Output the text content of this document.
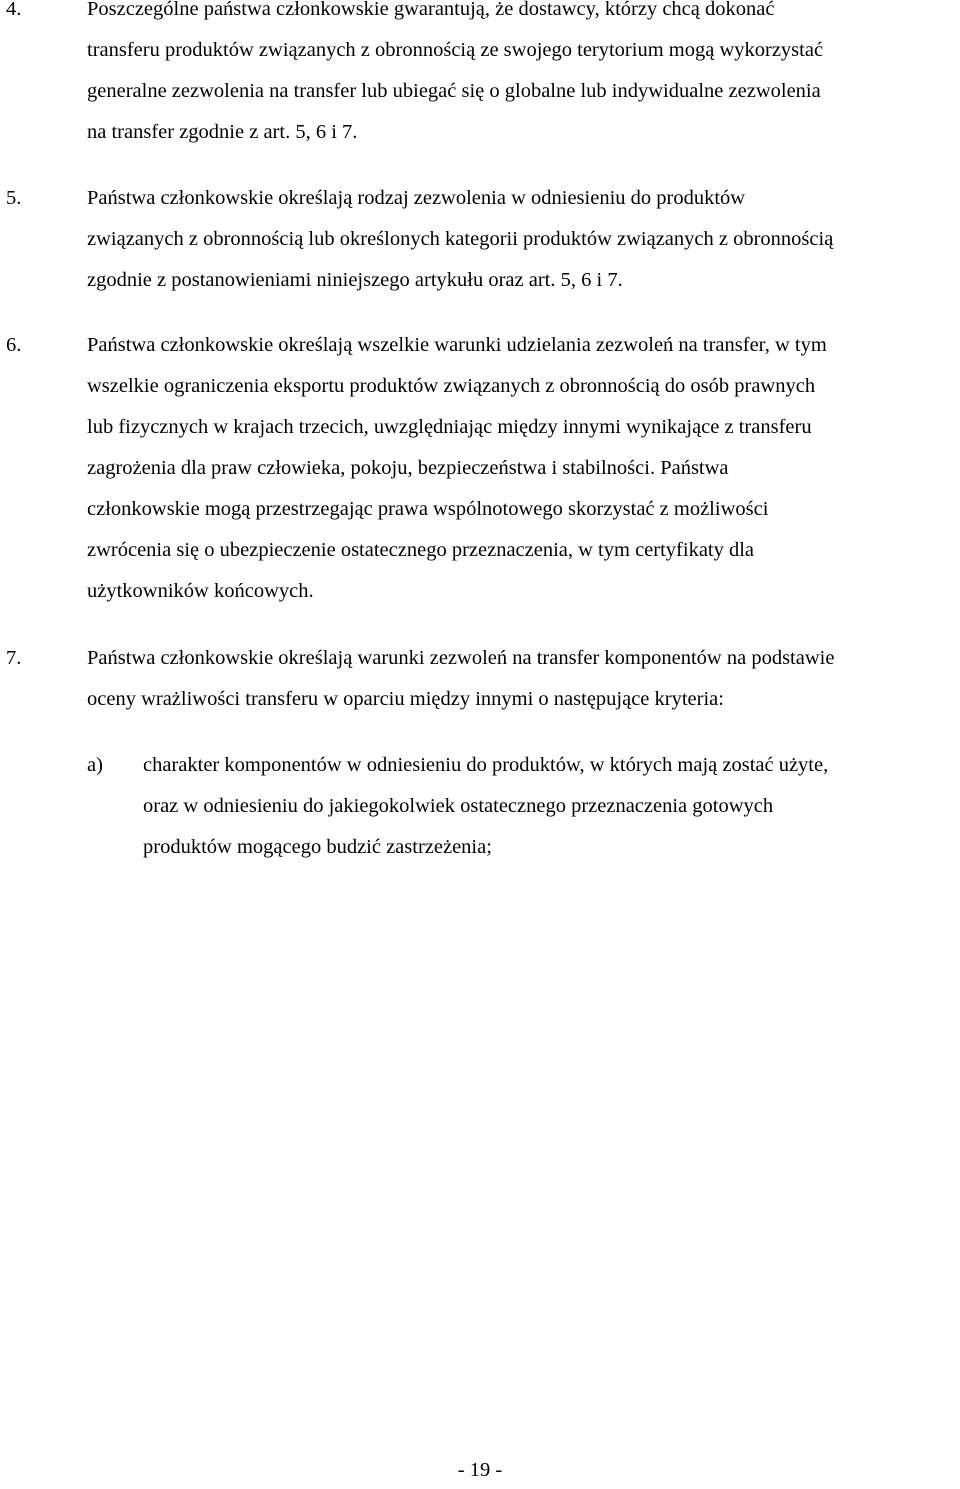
4.	Poszczególne państwa członkowskie gwarantują, że dostawcy, którzy chcą dokonać
transferu produktów związanych z obronnością ze swojego terytorium mogą wykorzystać
generalne zezwolenia na transfer lub ubiegać się o globalne lub indywidualne zezwolenia
na transfer zgodnie z art. 5, 6 i 7.
5.	Państwa członkowskie określają rodzaj zezwolenia w odniesieniu do produktów
związanych z obronnością lub określonych kategorii produktów związanych z obronnością
zgodnie z postanowieniami niniejszego artykułu oraz art. 5, 6 i 7.
6.	Państwa członkowskie określają wszelkie warunki udzielania zezwoleń na transfer, w tym
wszelkie ograniczenia eksportu produktów związanych z obronnością do osób prawnych
lub fizycznych w krajach trzecich, uwzględniając między innymi wynikające z transferu
zagrożenia dla praw człowieka, pokoju, bezpieczeństwa i stabilności. Państwa
członkowskie mogą przestrzegając prawa wspólnotowego skorzystać z możliwości
zwrócenia się o ubezpieczenie ostatecznego przeznaczenia, w tym certyfikaty dla
użytkowników końcowych.
7.	Państwa członkowskie określają warunki zezwoleń na transfer komponentów na podstawie
oceny wrażliwości transferu w oparciu między innymi o następujące kryteria:
a) charakter komponentów w odniesieniu do produktów, w których mają zostać użyte,
oraz w odniesieniu do jakiegokolwiek ostatecznego przeznaczenia gotowych
produktów mogącego budzić zastrzeżenia;
- 19 -
